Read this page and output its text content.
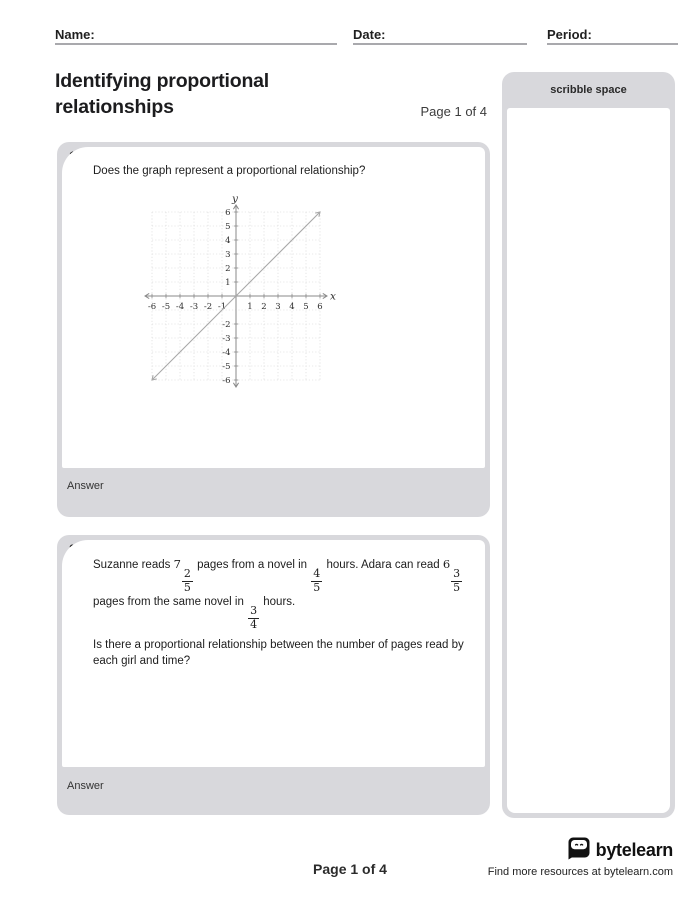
Name:	Date:	Period:
Identifying proportional
relationships	Page 1 of 4
scribble space
Does the graph represent a proportional relationship?
-6 -5 -4 -3 -2 -1 1 2 3 4 5 6
6
5
4
3
2
1
-2
-3
-4
-5
-6
y
x
Answer

Suzanne reads 7
$\frac{2}{5}$
pages from a novel in
$\frac{4}{5}$
hours. Adara can read 6
$\frac{3}{5}$
pages from the same novel in
$\frac{3}{4}$
hours.

Is there a proportional relationship between the number of pages read by each girl and time?

Answer
Page 1 of 4
bytelearn
Find more resources at bytelearn.com
